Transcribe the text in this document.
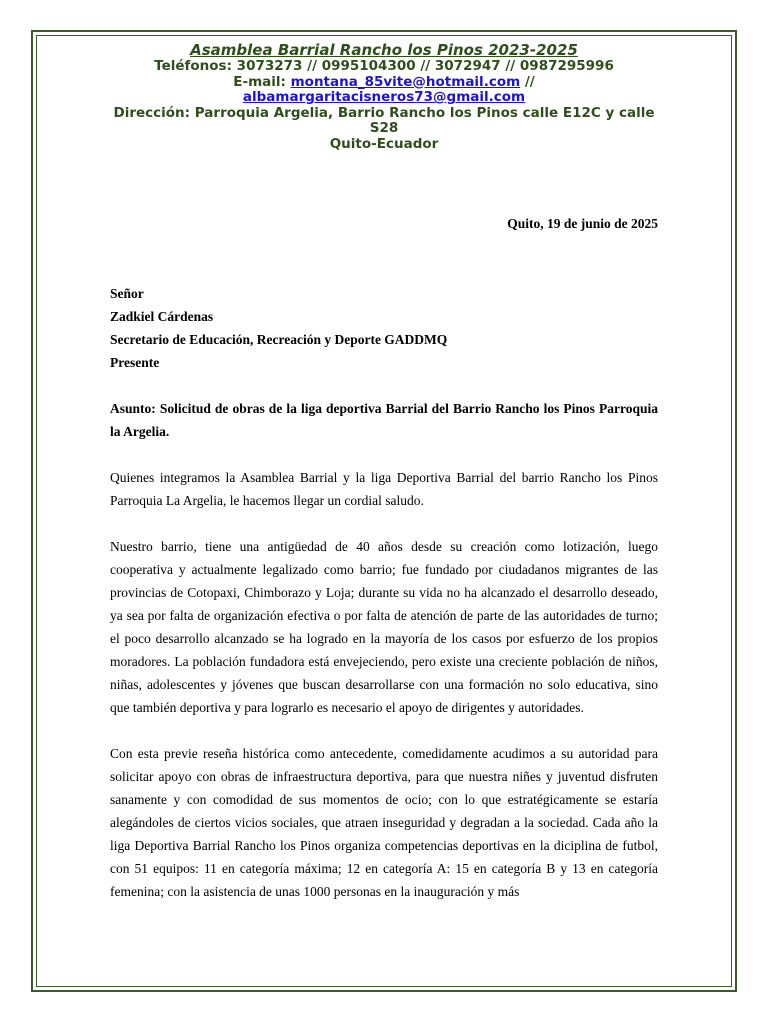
Asamblea Barrial Rancho los Pinos 2023-2025
Teléfonos: 3073273 // 0995104300 // 3072947 // 0987295996
E-mail: montana_85vite@hotmail.com //
albamargaritacisneros73@gmail.com
Dirección: Parroquia Argelia, Barrio Rancho los Pinos calle E12C y calle S28
Quito-Ecuador
Quito, 19 de junio de 2025
Señor
Zadkiel Cárdenas
Secretario de Educación, Recreación y Deporte GADDMQ
Presente
Asunto: Solicitud de obras de la liga deportiva Barrial del Barrio Rancho los Pinos Parroquia la Argelia.
Quienes integramos la Asamblea Barrial y la liga Deportiva Barrial del barrio Rancho los Pinos Parroquia La Argelia, le hacemos llegar un cordial saludo.
Nuestro barrio, tiene una antigüedad de 40 años desde su creación como lotización, luego cooperativa y actualmente legalizado como barrio; fue fundado por ciudadanos migrantes de las provincias de Cotopaxi, Chimborazo y Loja; durante su vida no ha alcanzado el desarrollo deseado, ya sea por falta de organización efectiva o por falta de atención de parte de las autoridades de turno; el poco desarrollo alcanzado se ha logrado en la mayoría de los casos por esfuerzo de los propios moradores. La población fundadora está envejeciendo, pero existe una creciente población de niños, niñas, adolescentes y jóvenes que buscan desarrollarse con una formación no solo educativa, sino que también deportiva y para lograrlo es necesario el apoyo de dirigentes y autoridades.
Con esta previe reseña histórica como antecedente, comedidamente acudimos a su autoridad para solicitar apoyo con obras de infraestructura deportiva, para que nuestra niñes y juventud disfruten sanamente y con comodidad de sus momentos de ocio; con lo que estratégicamente se estaría alegándoles de ciertos vicios sociales, que atraen inseguridad y degradan a la sociedad. Cada año la liga Deportiva Barrial Rancho los Pinos organiza competencias deportivas en la diciplina de futbol, con 51 equipos: 11 en categoría máxima; 12 en categoría A: 15 en categoría B y 13 en categoría femenina; con la asistencia de unas 1000 personas en la inauguración y más
